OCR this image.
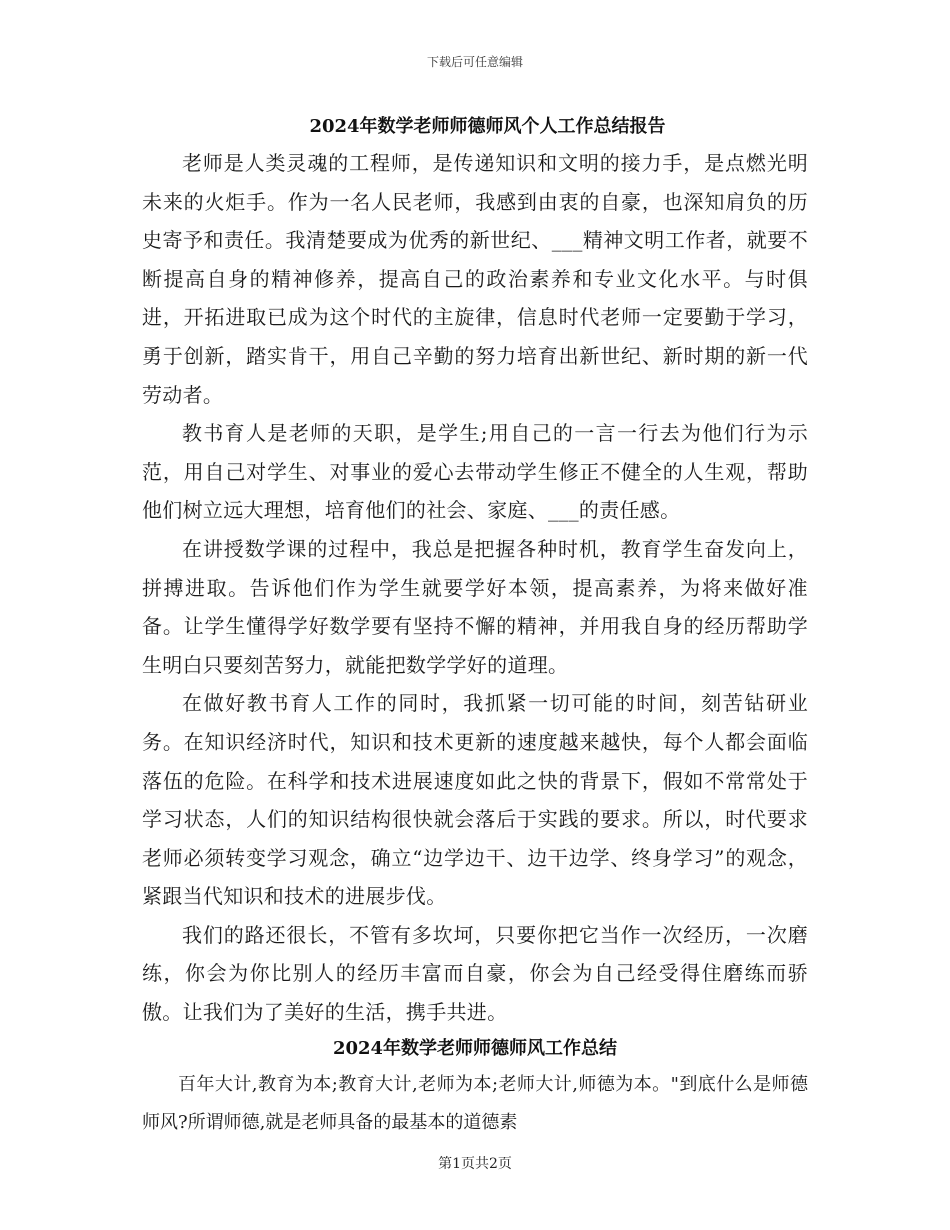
下载后可任意编辑
2024年数学老师师德师风个人工作总结报告

老师是人类灵魂的工程师，是传递知识和文明的接力手，是点燃光明未来的火炬手。作为一名人民老师，我感到由衷的自豪，也深知肩负的历史寄予和责任。我清楚要成为优秀的新世纪、___精神文明工作者，就要不断提高自身的精神修养，提高自己的政治素养和专业文化水平。与时俱进，开拓进取已成为这个时代的主旋律，信息时代老师一定要勤于学习，勇于创新，踏实肯干，用自己辛勤的努力培育出新世纪、新时期的新一代劳动者。

教书育人是老师的天职，是学生;用自己的一言一行去为他们行为示范，用自己对学生、对事业的爱心去带动学生修正不健全的人生观，帮助他们树立远大理想，培育他们的社会、家庭、___的责任感。

在讲授数学课的过程中，我总是把握各种时机，教育学生奋发向上，拼搏进取。告诉他们作为学生就要学好本领，提高素养，为将来做好准备。让学生懂得学好数学要有坚持不懈的精神，并用我自身的经历帮助学生明白只要刻苦努力，就能把数学学好的道理。

在做好教书育人工作的同时，我抓紧一切可能的时间，刻苦钻研业务。在知识经济时代，知识和技术更新的速度越来越快，每个人都会面临落伍的危险。在科学和技术进展速度如此之快的背景下，假如不常常处于学习状态，人们的知识结构很快就会落后于实践的要求。所以，时代要求老师必须转变学习观念，确立“边学边干、边干边学、终身学习”的观念，紧跟当代知识和技术的进展步伐。

我们的路还很长，不管有多坎坷，只要你把它当作一次经历，一次磨练，你会为你比别人的经历丰富而自豪，你会为自己经受得住磨练而骄傲。让我们为了美好的生活，携手共进。

2024年数学老师师德师风工作总结

百年大计,教育为本;教育大计,老师为本;老师大计,师德为本。"到底什么是师德师风?所谓师德,就是老师具备的最基本的道德素

第1页共2页
